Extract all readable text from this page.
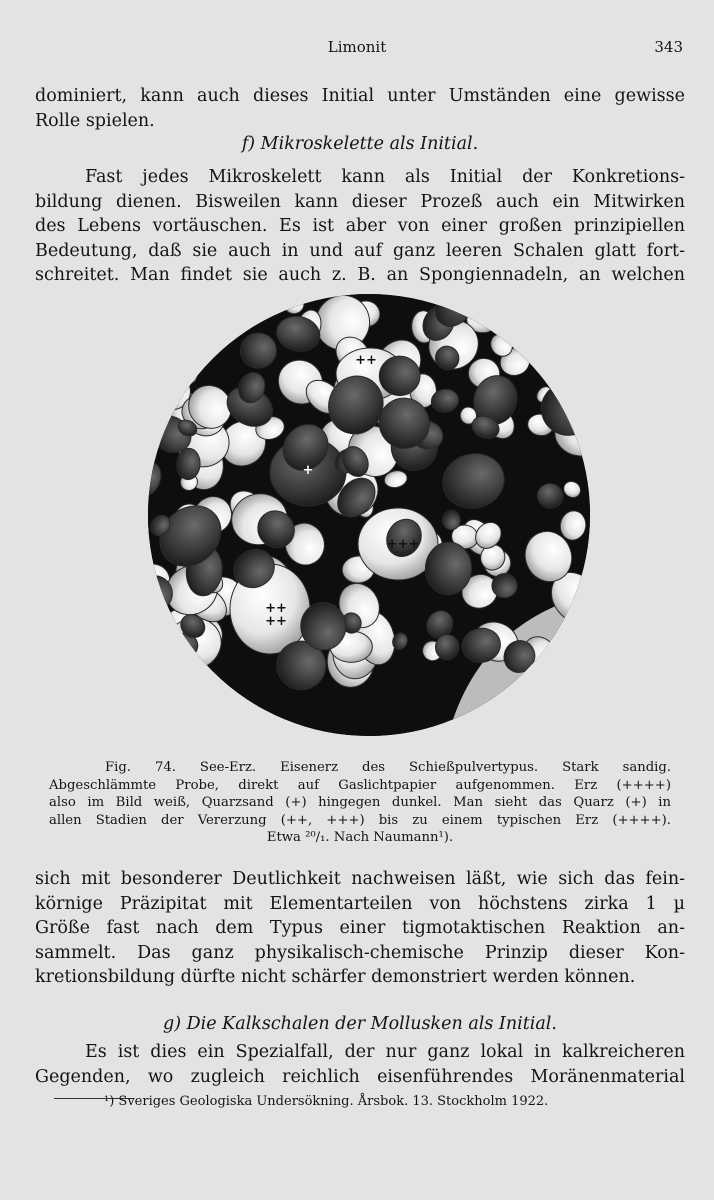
Limonit	343
dominiert, kann auch dieses Initial unter Umständen eine gewisse
Rolle spielen.
f) Mikroskelette als Initial.
Fast jedes Mikroskelett kann als Initial der Konkretions-
bildung dienen. Bisweilen kann dieser Prozeß auch ein Mitwirken
des Lebens vortäuschen. Es ist aber von einer großen prinzipiellen
Bedeutung, daß sie auch in und auf ganz leeren Schalen glatt fort-
schreitet. Man findet sie auch z. B. an Spongiennadeln, an welchen
++
+
+++
++
++
Fig. 74. See-Erz. Eisenerz des Schießpulvertypus. Stark sandig.
Abgeschlämmte Probe, direkt auf Gaslichtpapier aufgenommen. Erz (++++)
also im Bild weiß, Quarzsand (+) hingegen dunkel. Man sieht das Quarz (+) in
allen Stadien der Vererzung (++, +++) bis zu einem typischen Erz (++++).
Etwa ²⁰/₁. Nach Naumann¹).
sich mit besonderer Deutlichkeit nachweisen läßt, wie sich das fein-
körnige Präzipitat mit Elementarteilen von höchstens zirka 1 µ
Größe fast nach dem Typus einer tigmotaktischen Reaktion an-
sammelt. Das ganz physikalisch-chemische Prinzip dieser Kon-
kretionsbildung dürfte nicht schärfer demonstriert werden können.
g) Die Kalkschalen der Mollusken als Initial.
Es ist dies ein Spezialfall, der nur ganz lokal in kalkreicheren
Gegenden, wo zugleich reichlich eisenführendes Moränenmaterial
¹) Sveriges Geologiska Undersökning. Årsbok. 13. Stockholm 1922.
